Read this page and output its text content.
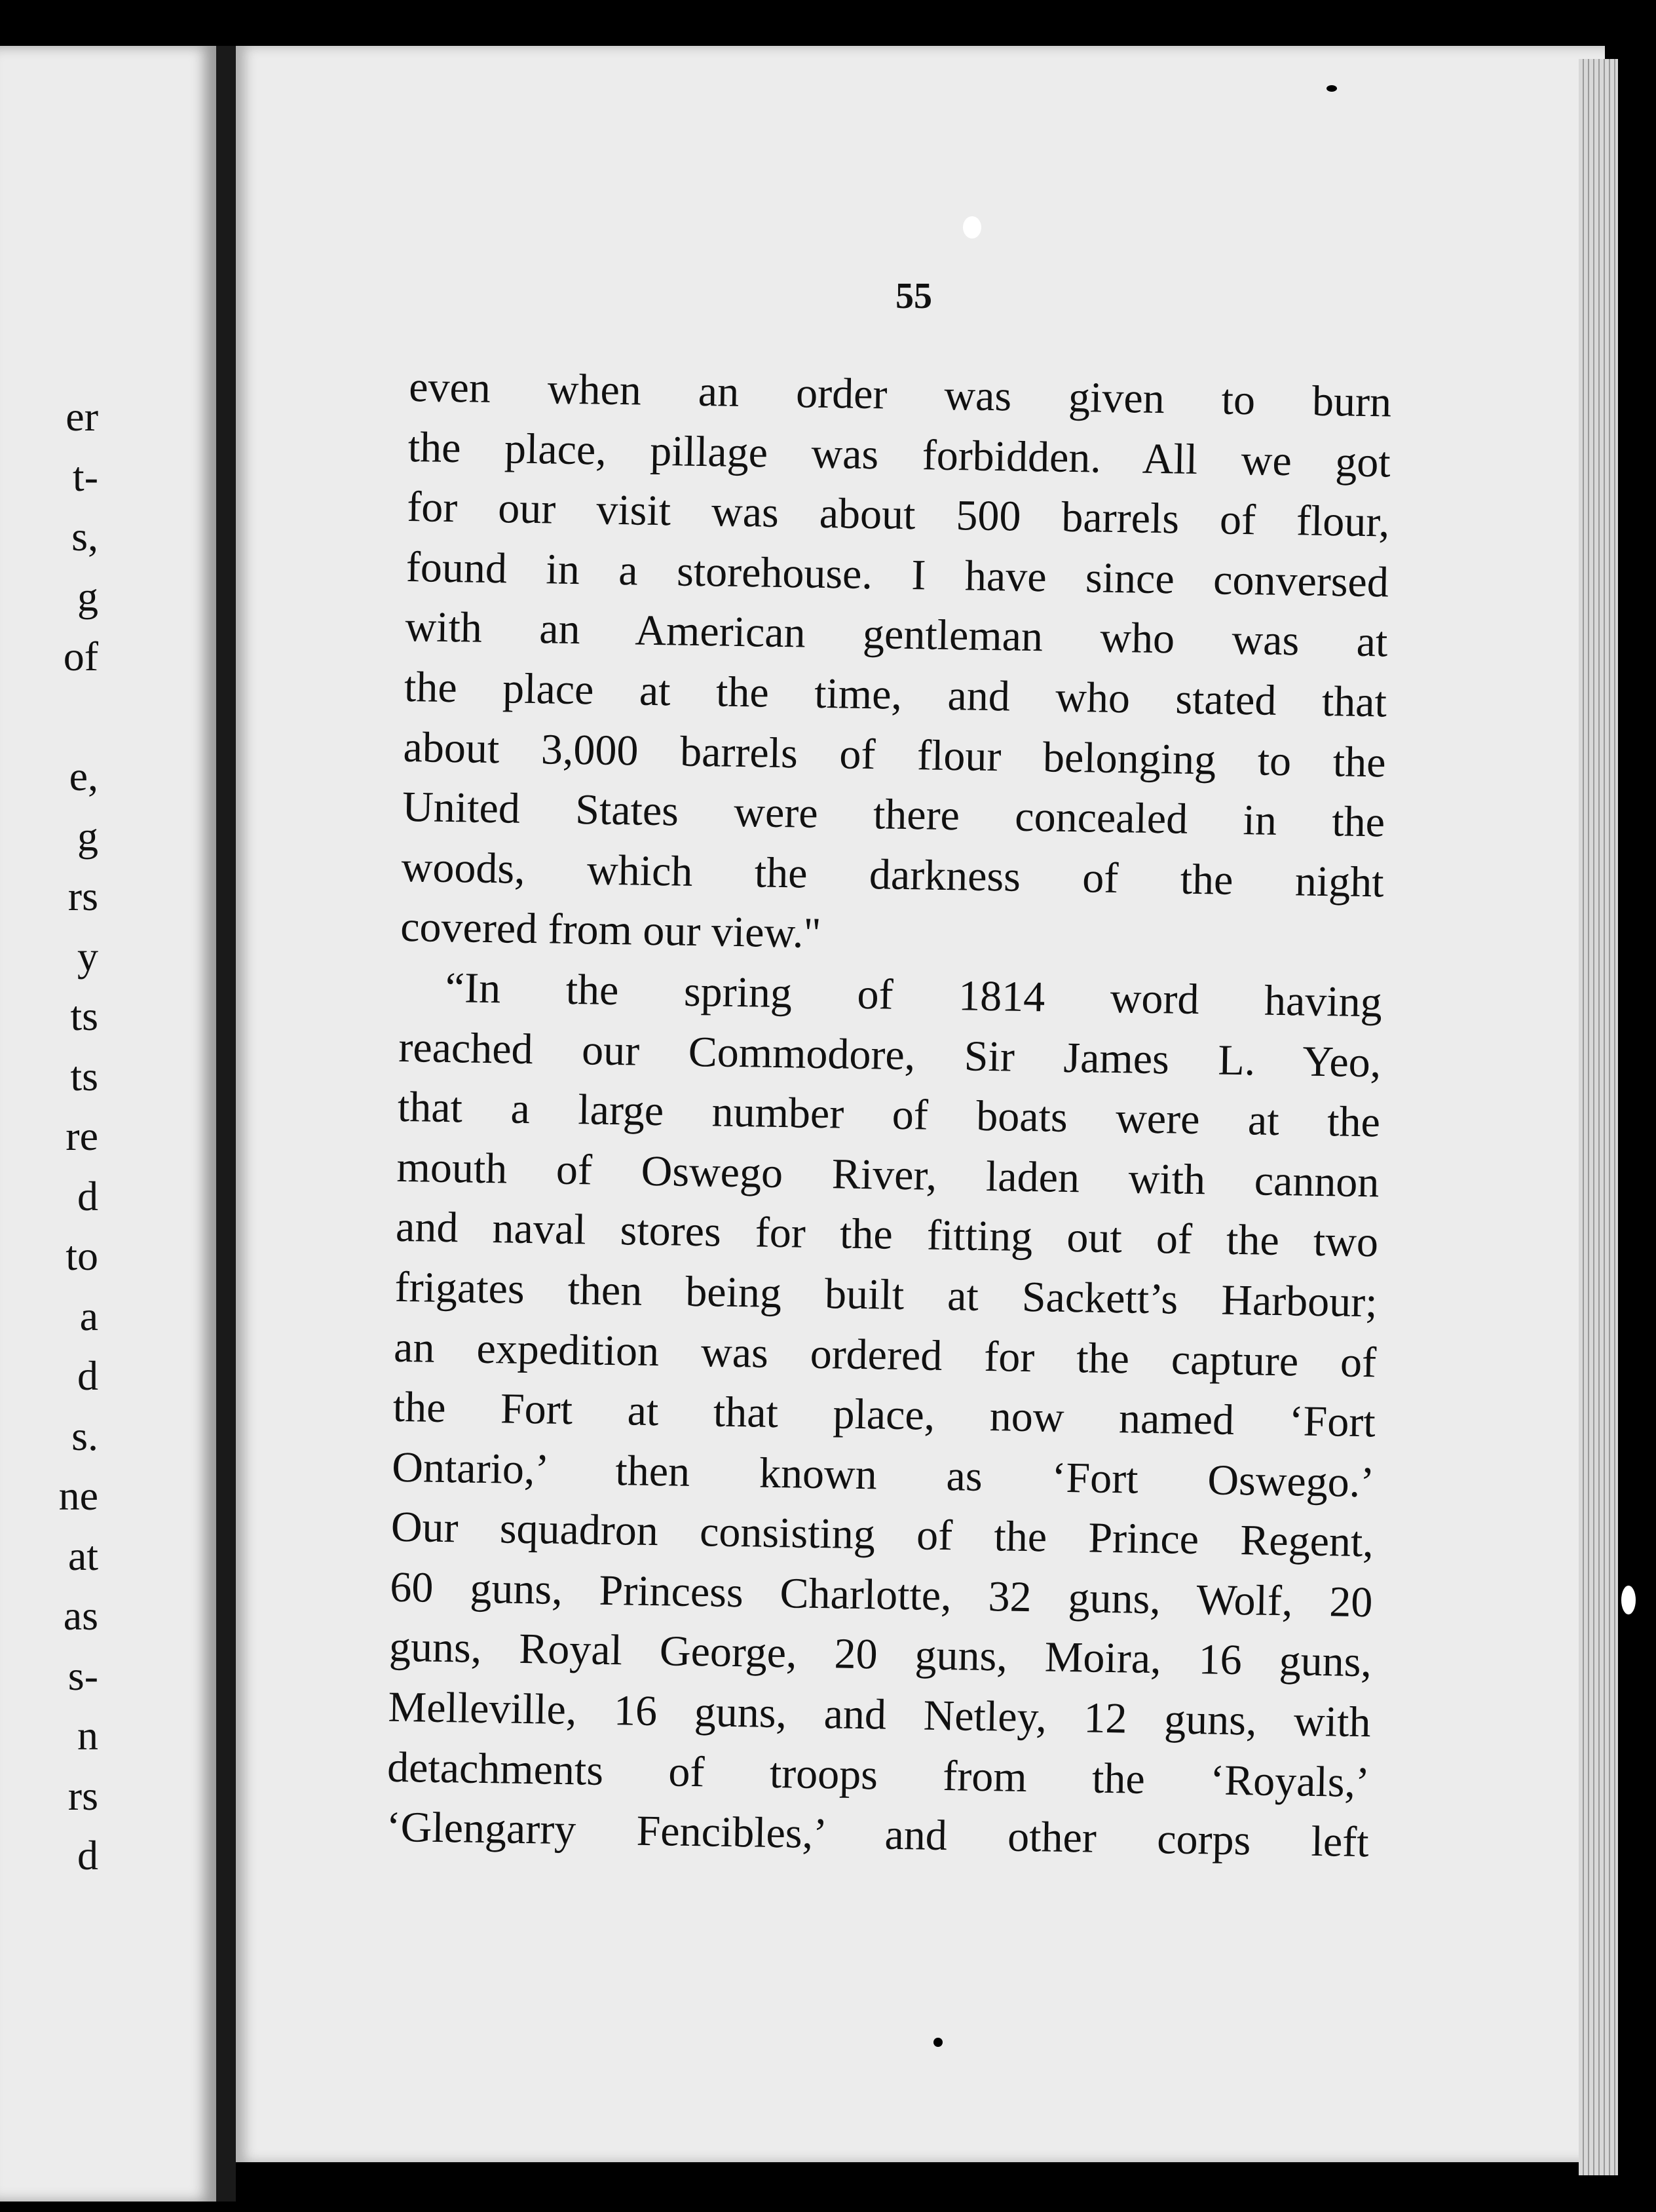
er
t-
s,
g
of
e,
g
rs
y
ts
ts
re
d
to
a
d
s.
ne
at
as
s-
n
rs
d
55
even when an order was given to burn
the place, pillage was forbidden. All we got
for our visit was about 500 barrels of flour,
found in a storehouse. I have since conversed
with an American gentleman who was at
the place at the time, and who stated that
about 3,000 barrels of flour belonging to the
United States were there concealed in the
woods, which the darkness of the night
covered from our view."
“In the spring of 1814 word having
reached our Commodore, Sir James L. Yeo,
that a large number of boats were at the
mouth of Oswego River, laden with cannon
and naval stores for the fitting out of the two
frigates then being built at Sackett’s Harbour;
an expedition was ordered for the capture of
the Fort at that place, now named ‘Fort
Ontario,’ then known as ‘Fort Oswego.’
Our squadron consisting of the Prince Regent,
60 guns, Princess Charlotte, 32 guns, Wolf, 20
guns, Royal George, 20 guns, Moira, 16 guns,
Melleville, 16 guns, and Netley, 12 guns, with
detachments of troops from the ‘Royals,’
‘Glengarry Fencibles,’ and other corps left
